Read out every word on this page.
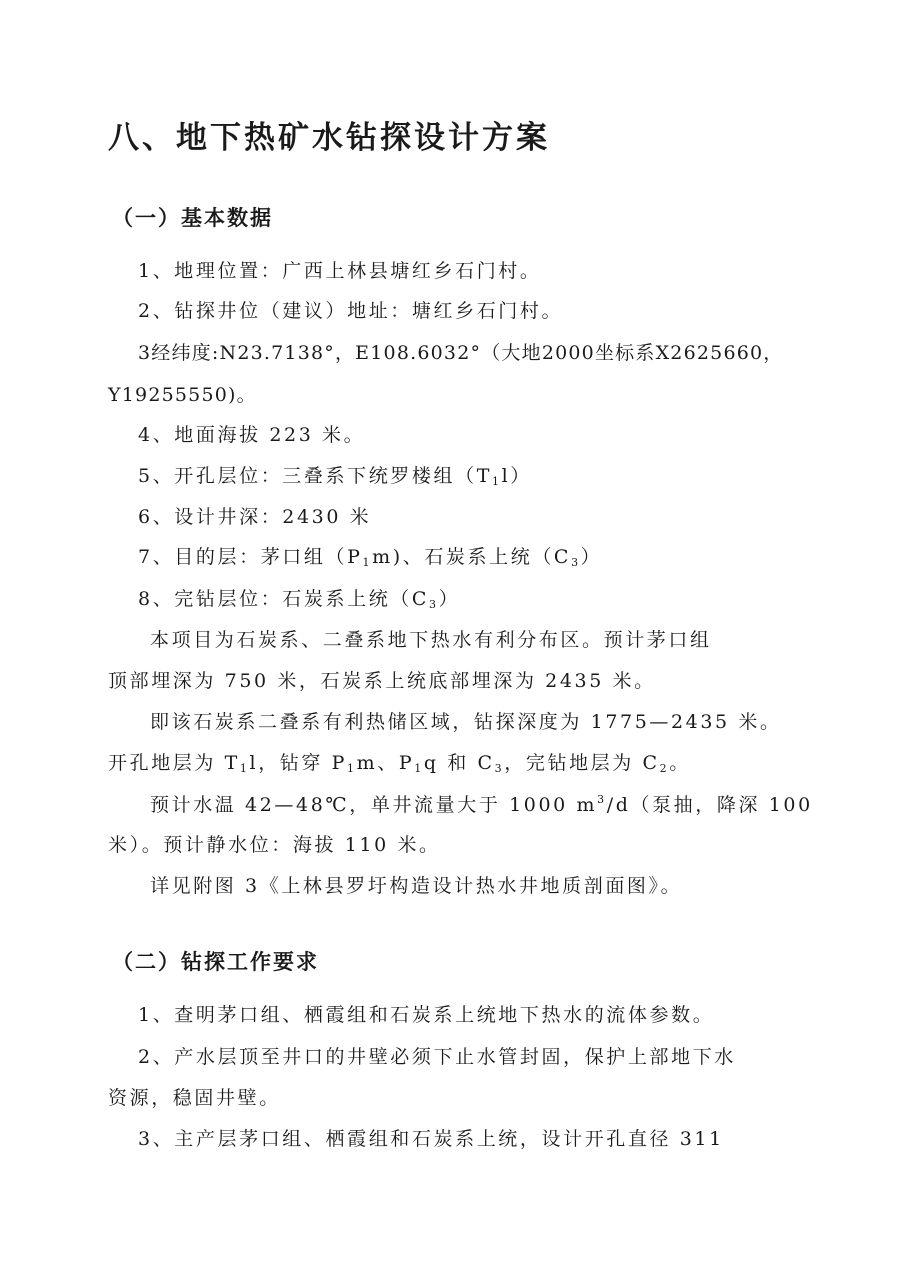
八、地下热矿水钻探设计方案
（一）基本数据
1、地理位置：广西上林县塘红乡石门村。
2、钻探井位（建议）地址：塘红乡石门村。
3经纬度:N23.7138°，E108.6032°（大地2000坐标系X2625660，
Y19255550)。
4、地面海拔 223 米。
5、开孔层位：三叠系下统罗楼组$(T_1l)$
6、设计井深：2430 米
7、目的层：茅口组$(P_1m)$、石炭系上统$(C_3)$
8、完钻层位：石炭系上统$(C_3)$
本项目为石炭系、二叠系地下热水有利分布区。预计茅口组
顶部埋深为 750 米，石炭系上统底部埋深为 2435 米。
即该石炭系二叠系有利热储区域，钻探深度为 1775—2435 米。
开孔地层为 $T_1l$，钻穿 $P_1m$、$P_1q$ 和 $C_3$，完钻地层为 $C_2$。
预计水温 42—48℃，单井流量大于 1000 $m^3/d$（泵抽，降深 100
米）。预计静水位：海拔 110 米。
详见附图 3《上林县罗圩构造设计热水井地质剖面图》。
（二）钻探工作要求
1、查明茅口组、栖霞组和石炭系上统地下热水的流体参数。
2、产水层顶至井口的井壁必须下止水管封固，保护上部地下水
资源，稳固井壁。
3、主产层茅口组、栖霞组和石炭系上统，设计开孔直径 311
